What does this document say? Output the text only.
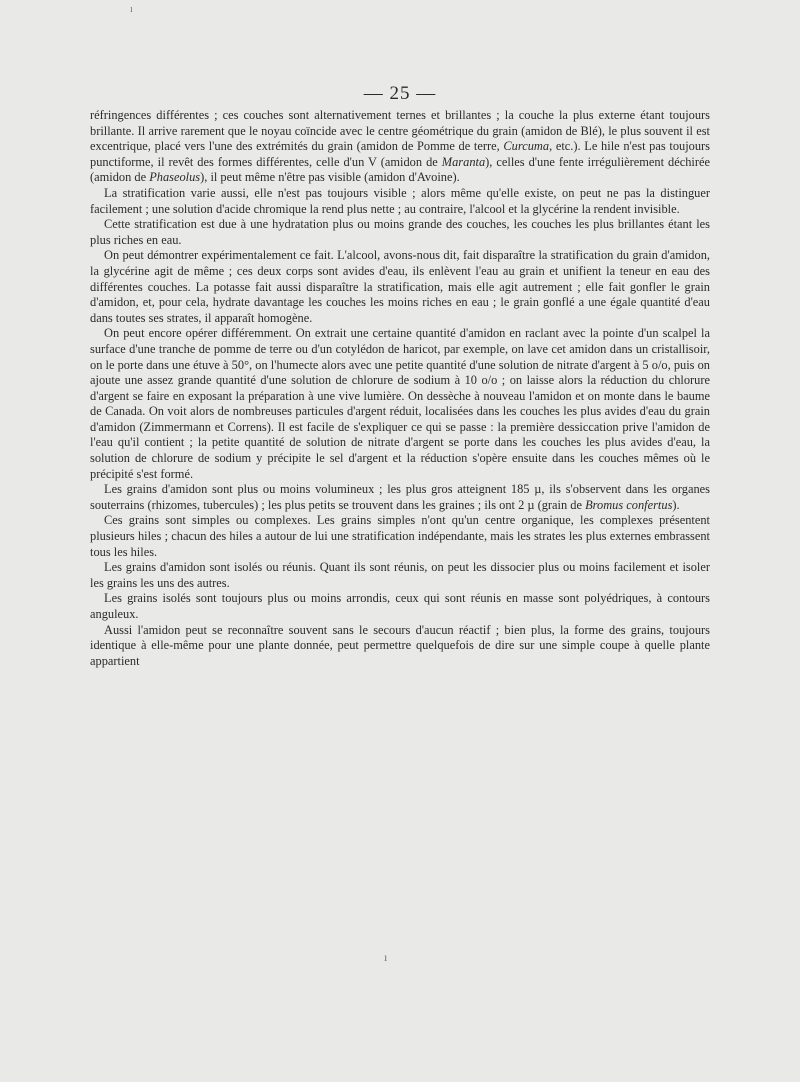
— 25 —

réfringences différentes ; ces couches sont alternativement ternes et brillantes ; la couche la plus externe étant toujours brillante. Il arrive rarement que le noyau coïncide avec le centre géométrique du grain (amidon de Blé), le plus souvent il est excentrique, placé vers l'une des extrémités du grain (amidon de Pomme de terre, Curcuma, etc.). Le hile n'est pas toujours punctiforme, il revêt des formes différentes, celle d'un V (amidon de Maranta), celles d'une fente irrégulièrement déchirée (amidon de Phaseolus), il peut même n'être pas visible (amidon d'Avoine).

La stratification varie aussi, elle n'est pas toujours visible ; alors même qu'elle existe, on peut ne pas la distinguer facilement ; une solution d'acide chromique la rend plus nette ; au contraire, l'alcool et la glycérine la rendent invisible.

Cette stratification est due à une hydratation plus ou moins grande des couches, les couches les plus brillantes étant les plus riches en eau.

On peut démontrer expérimentalement ce fait. L'alcool, avons-nous dit, fait disparaître la stratification du grain d'amidon, la glycérine agit de même ; ces deux corps sont avides d'eau, ils enlèvent l'eau au grain et unifient la teneur en eau des différentes couches. La potasse fait aussi disparaître la stratification, mais elle agit autrement ; elle fait gonfler le grain d'amidon, et, pour cela, hydrate davantage les couches les moins riches en eau ; le grain gonflé a une égale quantité d'eau dans toutes ses strates, il apparaît homogène.

On peut encore opérer différemment. On extrait une certaine quantité d'amidon en raclant avec la pointe d'un scalpel la surface d'une tranche de pomme de terre ou d'un cotylédon de haricot, par exemple, on lave cet amidon dans un cristallisoir, on le porte dans une étuve à 50°, on l'humecte alors avec une petite quantité d'une solution de nitrate d'argent à 5 o/o, puis on ajoute une assez grande quantité d'une solution de chlorure de sodium à 10 o/o ; on laisse alors la réduction du chlorure d'argent se faire en exposant la préparation à une vive lumière. On dessèche à nouveau l'amidon et on monte dans le baume de Canada. On voit alors de nombreuses particules d'argent réduit, localisées dans les couches les plus avides d'eau du grain d'amidon (Zimmermann et Correns). Il est facile de s'expliquer ce qui se passe : la première dessiccation prive l'amidon de l'eau qu'il contient ; la petite quantité de solution de nitrate d'argent se porte dans les couches les plus avides d'eau, la solution de chlorure de sodium y précipite le sel d'argent et la réduction s'opère ensuite dans les couches mêmes où le précipité s'est formé.

Les grains d'amidon sont plus ou moins volumineux ; les plus gros atteignent 185 µ, ils s'observent dans les organes souterrains (rhizomes, tubercules) ; les plus petits se trouvent dans les graines ; ils ont 2 µ (grain de Bromus confertus).

Ces grains sont simples ou complexes. Les grains simples n'ont qu'un centre organique, les complexes présentent plusieurs hiles ; chacun des hiles a autour de lui une stratification indépendante, mais les strates les plus externes embrassent tous les hiles.

Les grains d'amidon sont isolés ou réunis. Quant ils sont réunis, on peut les dissocier plus ou moins facilement et isoler les grains les uns des autres.

Les grains isolés sont toujours plus ou moins arrondis, ceux qui sont réunis en masse sont polyédriques, à contours anguleux.

Aussi l'amidon peut se reconnaître souvent sans le secours d'aucun réactif ; bien plus, la forme des grains, toujours identique à elle-même pour une plante donnée, peut permettre quelquefois de dire sur une simple coupe à quelle plante appartient

ı
ı
